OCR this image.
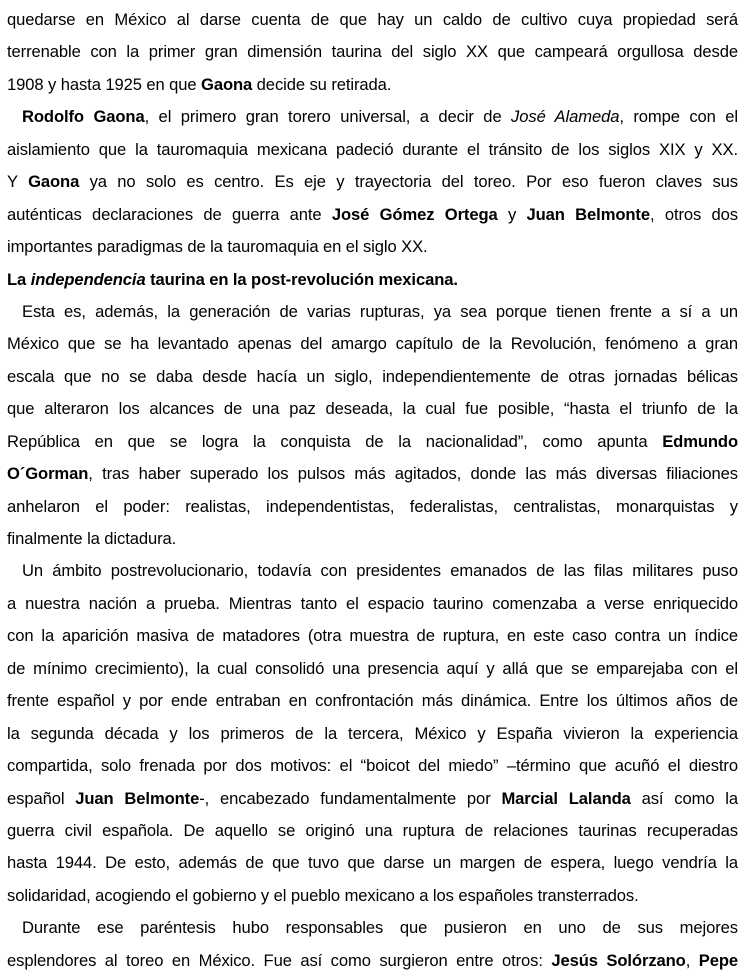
quedarse en México al darse cuenta de que hay un caldo de cultivo cuya propiedad será
terrenable con la primer gran dimensión taurina del siglo XX que campeará orgullosa desde
1908 y hasta 1925 en que Gaona decide su retirada.
Rodolfo Gaona, el primero gran torero universal, a decir de José Alameda, rompe con el
aislamiento que la tauromaquia mexicana padeció durante el tránsito de los siglos XIX y XX.
Y Gaona ya no solo es centro. Es eje y trayectoria del toreo. Por eso fueron claves sus
auténticas declaraciones de guerra ante José Gómez Ortega y Juan Belmonte, otros dos
importantes paradigmas de la tauromaquia en el siglo XX.
La independencia taurina en la post-revolución mexicana.
Esta es, además, la generación de varias rupturas, ya sea porque tienen frente a sí a un
México que se ha levantado apenas del amargo capítulo de la Revolución, fenómeno a gran
escala que no se daba desde hacía un siglo, independientemente de otras jornadas bélicas
que alteraron los alcances de una paz deseada, la cual fue posible, “hasta el triunfo de la
República en que se logra la conquista de la nacionalidad”, como apunta Edmundo
O´Gorman, tras haber superado los pulsos más agitados, donde las más diversas filiaciones
anhelaron el poder: realistas, independentistas, federalistas, centralistas, monarquistas y
finalmente la dictadura.
Un ámbito postrevolucionario, todavía con presidentes emanados de las filas militares puso
a nuestra nación a prueba. Mientras tanto el espacio taurino comenzaba a verse enriquecido
con la aparición masiva de matadores (otra muestra de ruptura, en este caso contra un índice
de mínimo crecimiento), la cual consolidó una presencia aquí y allá que se emparejaba con el
frente español y por ende entraban en confrontación más dinámica. Entre los últimos años de
la segunda década y los primeros de la tercera, México y España vivieron la experiencia
compartida, solo frenada por dos motivos: el “boicot del miedo” –término que acuñó el diestro
español Juan Belmonte-, encabezado fundamentalmente por Marcial Lalanda así como la
guerra civil española. De aquello se originó una ruptura de relaciones taurinas recuperadas
hasta 1944. De esto, además de que tuvo que darse un margen de espera, luego vendría la
solidaridad, acogiendo el gobierno y el pueblo mexicano a los españoles transterrados.
Durante ese paréntesis hubo responsables que pusieron en uno de sus mejores
esplendores al toreo en México. Fue así como surgieron entre otros: Jesús Solórzano, Pepe
